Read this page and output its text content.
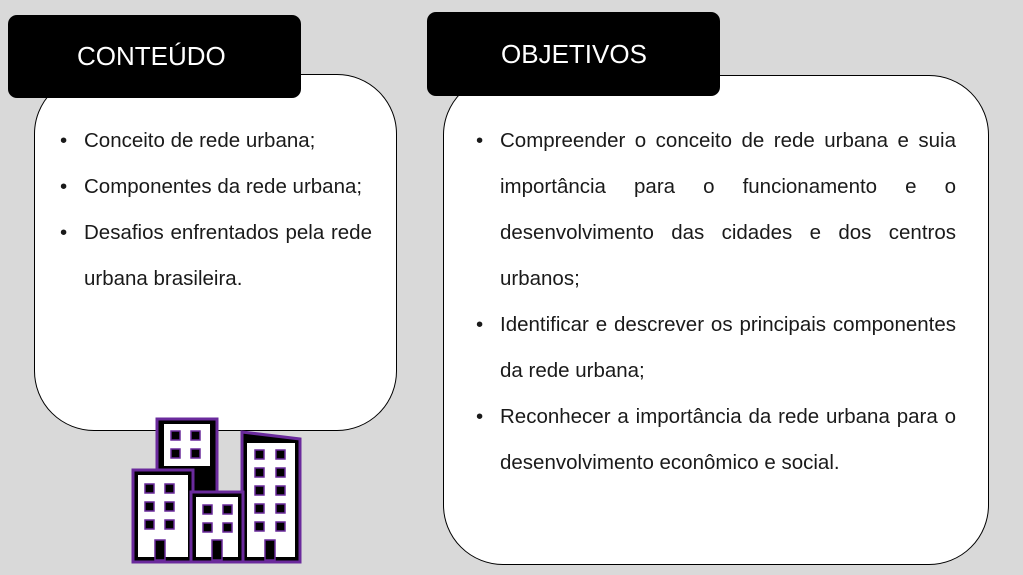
CONTEÚDO
• Conceito de rede urbana;
• Componentes da rede urbana;
• Desafios enfrentados pela rede urbana brasileira.
OBJETIVOS
• Compreender o conceito de rede urbana e suia importância para o funcionamento e o desenvolvimento das cidades e dos centros urbanos;
• Identificar e descrever os principais componentes da rede urbana;
• Reconhecer a importância da rede urbana para o desenvolvimento econômico e social.
